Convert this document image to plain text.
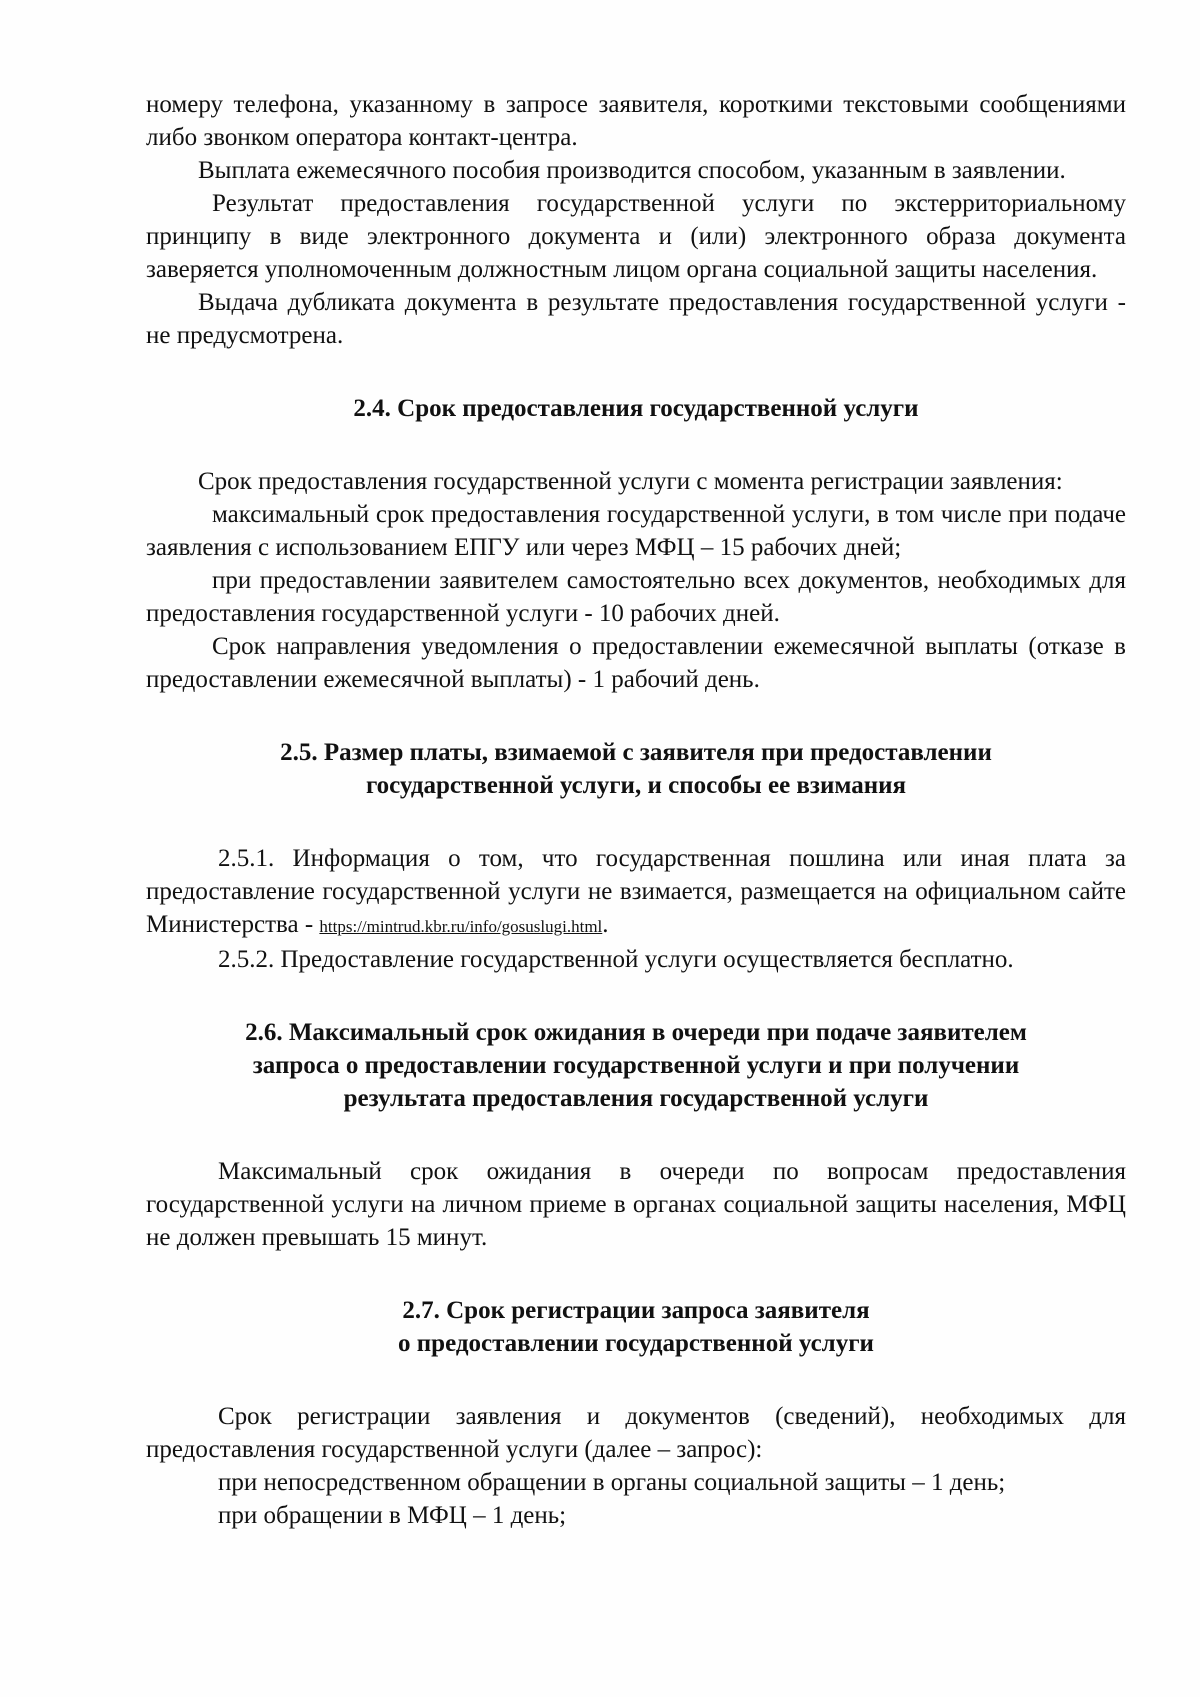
номеру телефона, указанному в запросе заявителя, короткими текстовыми сообщениями либо звонком оператора контакт-центра.

Выплата ежемесячного пособия производится способом, указанным в заявлении.

Результат предоставления государственной услуги по экстерриториальному принципу в виде электронного документа и (или) электронного образа документа заверяется уполномоченным должностным лицом органа социальной защиты населения.

Выдача дубликата документа в результате предоставления государственной услуги - не предусмотрена.

2.4. Срок предоставления государственной услуги

Срок предоставления государственной услуги с момента регистрации заявления:

максимальный срок предоставления государственной услуги, в том числе при подаче заявления с использованием ЕПГУ или через МФЦ – 15 рабочих дней;

при предоставлении заявителем самостоятельно всех документов, необходимых для предоставления государственной услуги - 10 рабочих дней.

Срок направления уведомления о предоставлении ежемесячной выплаты (отказе в предоставлении ежемесячной выплаты) - 1 рабочий день.

2.5. Размер платы, взимаемой с заявителя при предоставлении
государственной услуги, и способы ее взимания

2.5.1. Информация о том, что государственная пошлина или иная плата за предоставление государственной услуги не взимается, размещается на официальном сайте Министерства - https://mintrud.kbr.ru/info/gosuslugi.html.

2.5.2. Предоставление государственной услуги осуществляется бесплатно.

2.6. Максимальный срок ожидания в очереди при подаче заявителем
запроса о предоставлении государственной услуги и при получении
результата предоставления государственной услуги

Максимальный срок ожидания в очереди по вопросам предоставления государственной услуги на личном приеме в органах социальной защиты населения, МФЦ не должен превышать 15 минут.

2.7. Срок регистрации запроса заявителя
о предоставлении государственной услуги

Срок регистрации заявления и документов (сведений), необходимых для предоставления государственной услуги (далее – запрос):

при непосредственном обращении в органы социальной защиты – 1 день;

при обращении в МФЦ – 1 день;
